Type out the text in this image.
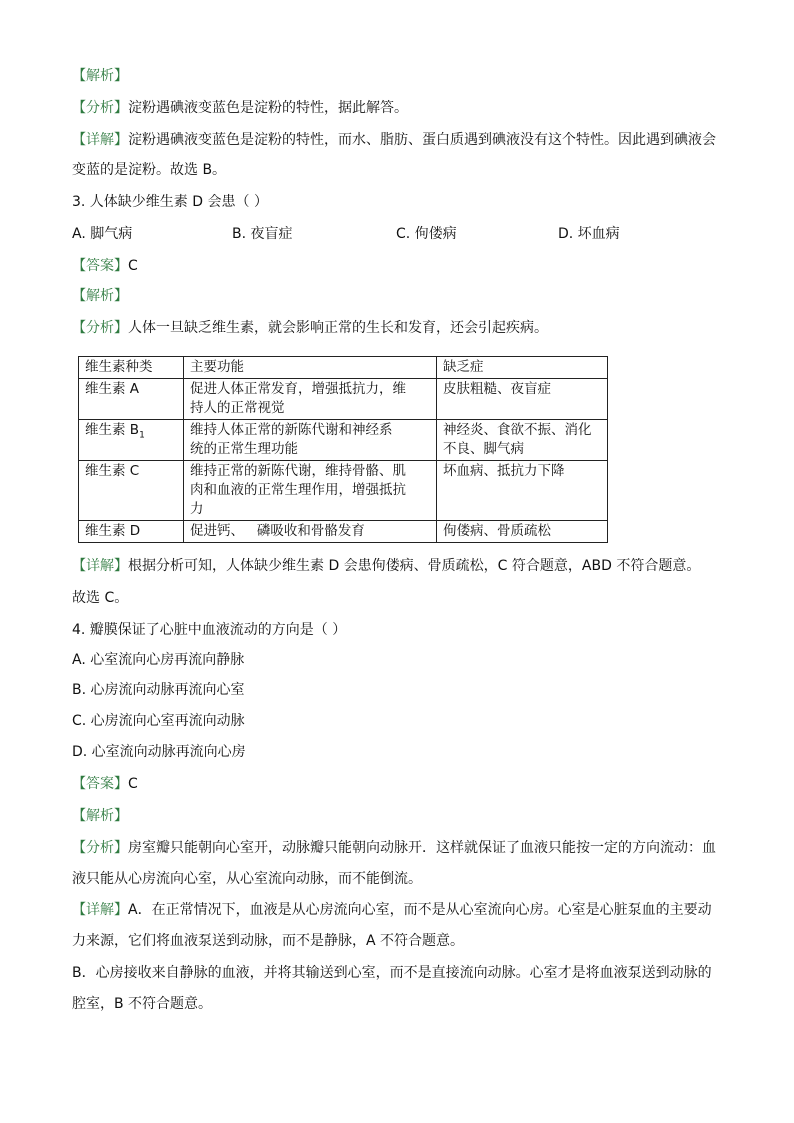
【解析】
【分析】淀粉遇碘液变蓝色是淀粉的特性，据此解答。
【详解】淀粉遇碘液变蓝色是淀粉的特性，而水、脂肪、蛋白质遇到碘液没有这个特性。因此遇到碘液会
变蓝的是淀粉。故选 B。
3. 人体缺少维生素 D 会患（ ）
A. 脚气病	B. 夜盲症	C. 佝偻病	D. 坏血病
【答案】C
【解析】
【分析】人体一旦缺乏维生素，就会影响正常的生长和发育，还会引起疾病。
维生素种类	主要功能	缺乏症
维生素 A	促进人体正常发育，增强抵抗力，维
持人的正常视觉	皮肤粗糙、夜盲症

维生素 $B_1$	维持人体正常的新陈代谢和神经系
统的正常生理功能	神经炎、食欲不振、消化
不良、脚气病

维生素 C	维持正常的新陈代谢，维持骨骼、肌
肉和血液的正常生理作用，增强抵抗
力	坏血病、抵抗力下降

维生素 D	促进钙、   磷吸收和骨骼发育	佝偻病、骨质疏松
【详解】根据分析可知，人体缺少维生素 D 会患佝偻病、骨质疏松，C 符合题意，ABD 不符合题意。
故选 C。
4. 瓣膜保证了心脏中血液流动的方向是（ ）
A. 心室流向心房再流向静脉
B. 心房流向动脉再流向心室
C. 心房流向心室再流向动脉
D. 心室流向动脉再流向心房
【答案】C
【解析】
【分析】房室瓣只能朝向心室开，动脉瓣只能朝向动脉开．这样就保证了血液只能按一定的方向流动：血
液只能从心房流向心室，从心室流向动脉，而不能倒流。
【详解】A．在正常情况下，血液是从心房流向心室，而不是从心室流向心房。心室是心脏泵血的主要动
力来源，它们将血液泵送到动脉，而不是静脉，A 不符合题意。
B．心房接收来自静脉的血液，并将其输送到心室，而不是直接流向动脉。心室才是将血液泵送到动脉的
腔室，B 不符合题意。
